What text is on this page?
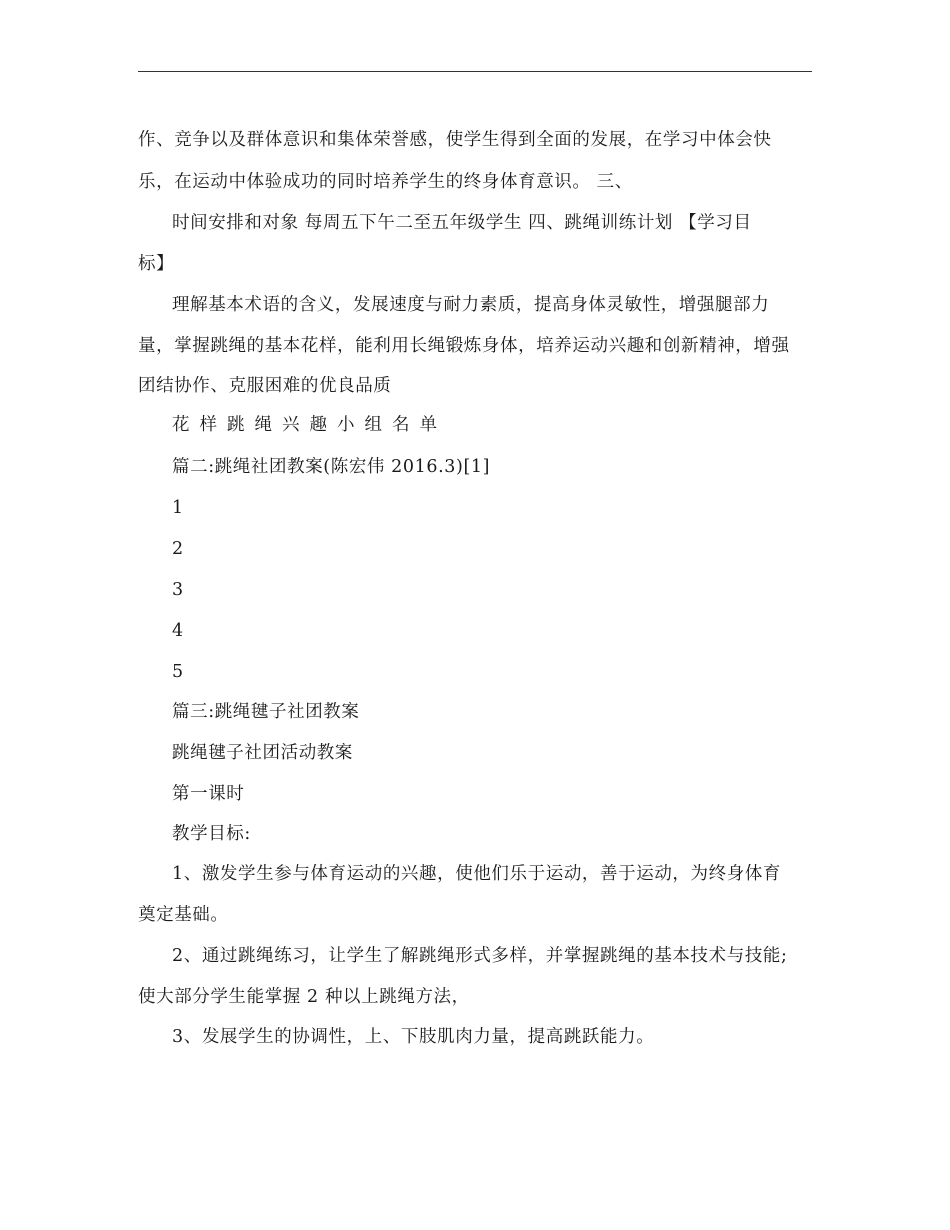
作、竞争以及群体意识和集体荣誉感，使学生得到全面的发展，在学习中体会快
乐，在运动中体验成功的同时培养学生的终身体育意识。 三、
时间安排和对象 每周五下午二至五年级学生 四、跳绳训练计划 【学习目
标】
理解基本术语的含义，发展速度与耐力素质，提高身体灵敏性，增强腿部力
量，掌握跳绳的基本花样，能利用长绳锻炼身体，培养运动兴趣和创新精神，增强
团结协作、克服困难的优良品质
花样跳绳兴趣小组名单
篇二:跳绳社团教案(陈宏伟 2016.3)[1]
1
2
3
4
5
篇三:跳绳毽子社团教案
跳绳毽子社团活动教案
第一课时
教学目标:
1、激发学生参与体育运动的兴趣，使他们乐于运动，善于运动，为终身体育
奠定基础。
2、通过跳绳练习，让学生了解跳绳形式多样，并掌握跳绳的基本技术与技能;
使大部分学生能掌握 2 种以上跳绳方法，
3、发展学生的协调性，上、下肢肌肉力量，提高跳跃能力。
